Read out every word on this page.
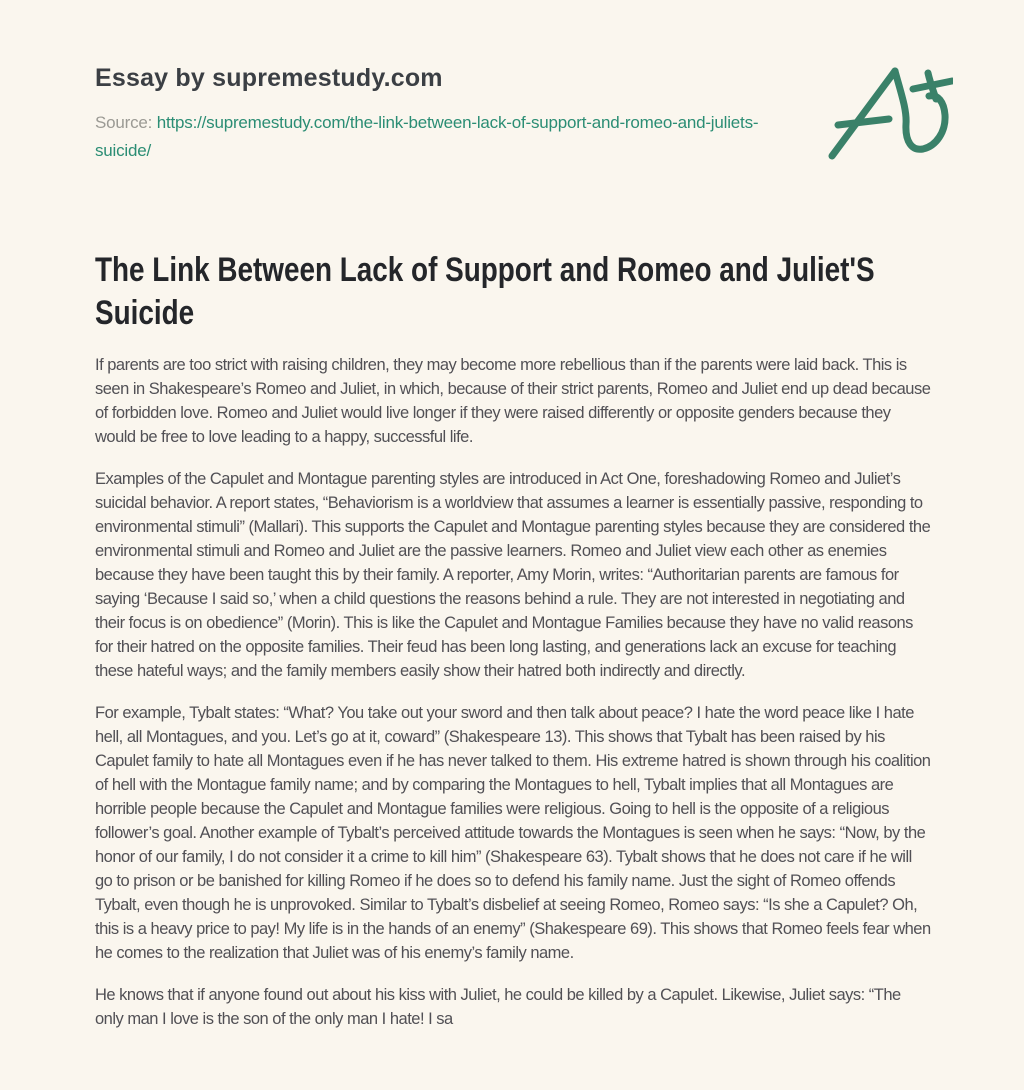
Essay by supremestudy.com
Source: https://supremestudy.com/the-link-between-lack-of-support-and-romeo-and-juliets-suicide/
The Link Between Lack of Support and Romeo and Juliet'S Suicide

If parents are too strict with raising children, they may become more rebellious than if the parents were laid back. This is seen in Shakespeare’s Romeo and Juliet, in which, because of their strict parents, Romeo and Juliet end up dead because of forbidden love. Romeo and Juliet would live longer if they were raised differently or opposite genders because they would be free to love leading to a happy, successful life.

Examples of the Capulet and Montague parenting styles are introduced in Act One, foreshadowing Romeo and Juliet’s suicidal behavior. A report states, “Behaviorism is a worldview that assumes a learner is essentially passive, responding to environmental stimuli” (Mallari). This supports the Capulet and Montague parenting styles because they are considered the environmental stimuli and Romeo and Juliet are the passive learners. Romeo and Juliet view each other as enemies because they have been taught this by their family. A reporter, Amy Morin, writes: “Authoritarian parents are famous for saying ‘Because I said so,’ when a child questions the reasons behind a rule. They are not interested in negotiating and their focus is on obedience” (Morin). This is like the Capulet and Montague Families because they have no valid reasons for their hatred on the opposite families. Their feud has been long lasting, and generations lack an excuse for teaching these hateful ways; and the family members easily show their hatred both indirectly and directly.

For example, Tybalt states: “What? You take out your sword and then talk about peace? I hate the word peace like I hate hell, all Montagues, and you. Let’s go at it, coward” (Shakespeare 13). This shows that Tybalt has been raised by his Capulet family to hate all Montagues even if he has never talked to them. His extreme hatred is shown through his coalition of hell with the Montague family name; and by comparing the Montagues to hell, Tybalt implies that all Montagues are horrible people because the Capulet and Montague families were religious. Going to hell is the opposite of a religious follower’s goal. Another example of Tybalt’s perceived attitude towards the Montagues is seen when he says: “Now, by the honor of our family, I do not consider it a crime to kill him” (Shakespeare 63). Tybalt shows that he does not care if he will go to prison or be banished for killing Romeo if he does so to defend his family name. Just the sight of Romeo offends Tybalt, even though he is unprovoked. Similar to Tybalt’s disbelief at seeing Romeo, Romeo says: “Is she a Capulet? Oh, this is a heavy price to pay! My life is in the hands of an enemy” (Shakespeare 69). This shows that Romeo feels fear when he comes to the realization that Juliet was of his enemy’s family name.

He knows that if anyone found out about his kiss with Juliet, he could be killed by a Capulet. Likewise, Juliet says: “The only man I love is the son of the only man I hate! I sa
